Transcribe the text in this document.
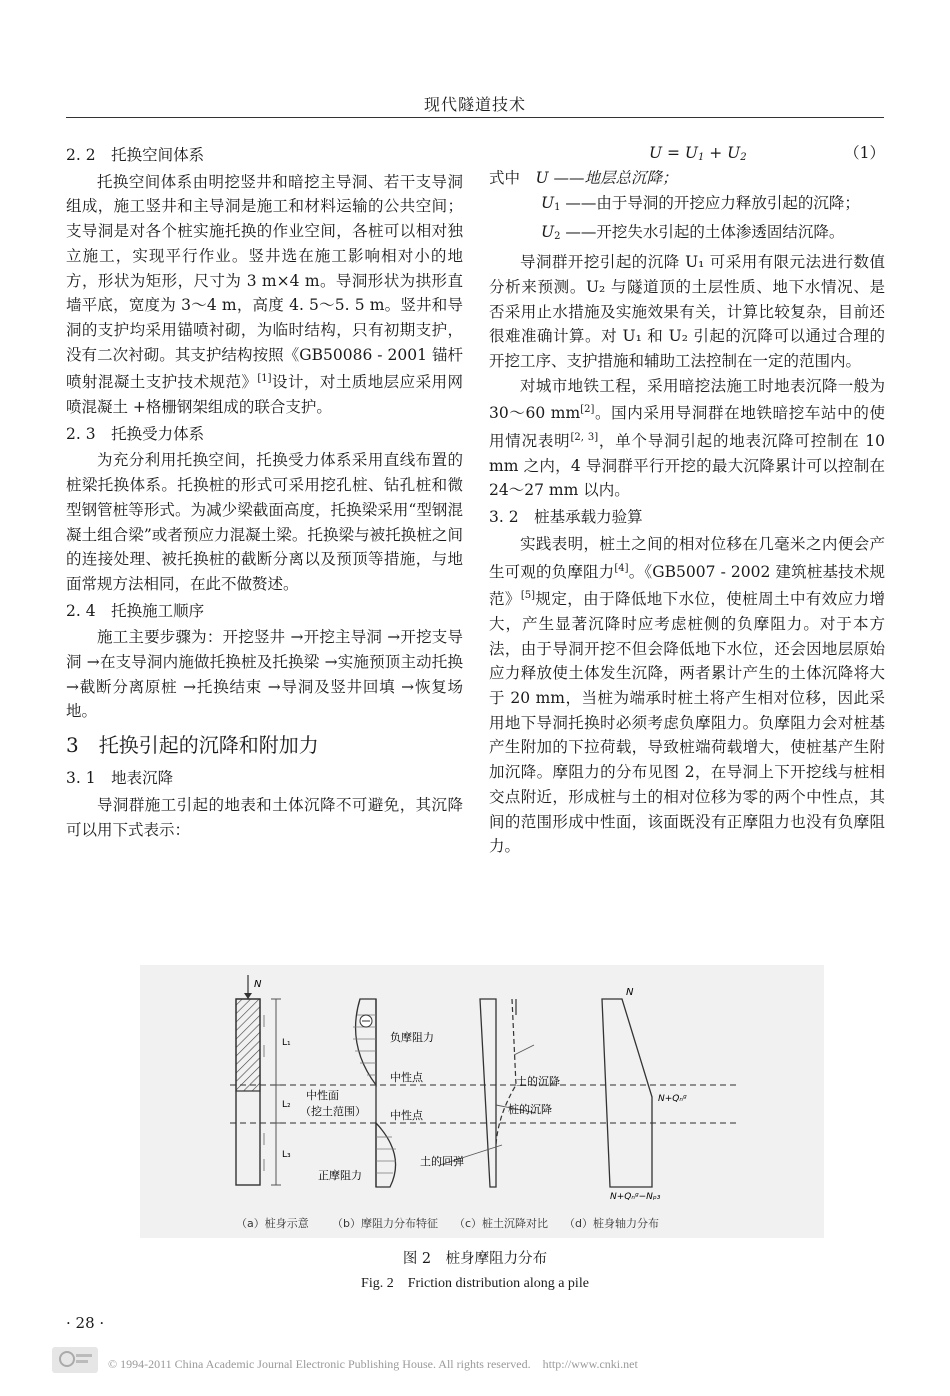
现代隧道技术

2. 2　托换空间体系

托换空间体系由明挖竖井和暗挖主导洞、若干支导洞组成，施工竖井和主导洞是施工和材料运输的公共空间；支导洞是对各个桩实施托换的作业空间，各桩可以相对独立施工，实现平行作业。竖井选在施工影响相对小的地方，形状为矩形，尺寸为 3 m×4 m。导洞形状为拱形直墙平底，宽度为 3～4 m，高度 4. 5～5. 5 m。竖井和导洞的支护均采用锚喷衬砌，为临时结构，只有初期支护，没有二次衬砌。其支护结构按照《GB50086 - 2001 锚杆喷射混凝土支护技术规范》[1]设计，对土质地层应采用网喷混凝土 +格栅钢架组成的联合支护。

2. 3　托换受力体系

为充分利用托换空间，托换受力体系采用直线布置的桩梁托换体系。托换桩的形式可采用挖孔桩、钻孔桩和微型钢管桩等形式。为减少梁截面高度，托换梁采用“型钢混凝土组合梁”或者预应力混凝土梁。托换梁与被托换桩之间的连接处理、被托换桩的截断分离以及预顶等措施，与地面常规方法相同，在此不做赘述。

2. 4　托换施工顺序

施工主要步骤为：开挖竖井 →开挖主导洞 →开挖支导洞 →在支导洞内施做托换桩及托换梁 →实施预顶主动托换 →截断分离原桩 →托换结束 →导洞及竖井回填 →恢复场地。

3　托换引起的沉降和附加力

3. 1　地表沉降

导洞群施工引起的地表和土体沉降不可避免，其沉降可以用下式表示：

$U = U_1 + U_2$	（1）

式中　U ——地层总沉降；
$U_1$ ——由于导洞的开挖应力释放引起的沉降；
$U_2$ ——开挖失水引起的土体渗透固结沉降。

导洞群开挖引起的沉降 U₁ 可采用有限元法进行数值分析来预测。U₂ 与隧道顶的土层性质、地下水情况、是否采用止水措施及实施效果有关，计算比较复杂，目前还很难准确计算。对 U₁ 和 U₂ 引起的沉降可以通过合理的开挖工序、支护措施和辅助工法控制在一定的范围内。

对城市地铁工程，采用暗挖法施工时地表沉降一般为 30～60 mm[2]。国内采用导洞群在地铁暗挖车站中的使用情况表明[2, 3]，单个导洞引起的地表沉降可控制在 10 mm 之内，4 导洞群平行开挖的最大沉降累计可以控制在 24～27 mm 以内。

3. 2　桩基承载力验算

实践表明，桩土之间的相对位移在几毫米之内便会产生可观的负摩阻力[4]。《GB5007 - 2002 建筑桩基技术规范》[5]规定，由于降低地下水位，使桩周土中有效应力增大，产生显著沉降时应考虑桩侧的负摩阻力。对于本方法，由于导洞开挖不但会降低地下水位，还会因地层原始应力释放使土体发生沉降，两者累计产生的土体沉降将大于 20 mm，当桩为端承时桩土将产生相对位移，因此采用地下导洞托换时必须考虑负摩阻力。负摩阻力会对桩基产生附加的下拉荷载，导致桩端荷载增大，使桩基产生附加沉降。摩阻力的分布见图 2，在导洞上下开挖线与桩相交点附近，形成桩与土的相对位移为零的两个中性点，其间的范围形成中性面，该面既没有正摩阻力也没有负摩阻力。

N
L₁
L₂
L₃
负摩阻力
中性点
中性面
（挖土范围） 中性点
正摩阻力
土的回弹
土的沉降
桩的沉降
N
N+Qₙᵍ
N+Qₙᵍ−Nₚ₃
（a）桩身示意 （b）摩阻力分布特征 （c）桩土沉降对比 （d）桩身轴力分布
图 2　桩身摩阻力分布
Fig. 2　Friction distribution along a pile
· 28 ·
© 1994-2011 China Academic Journal Electronic Publishing House. All rights reserved.　http://www.cnki.net
